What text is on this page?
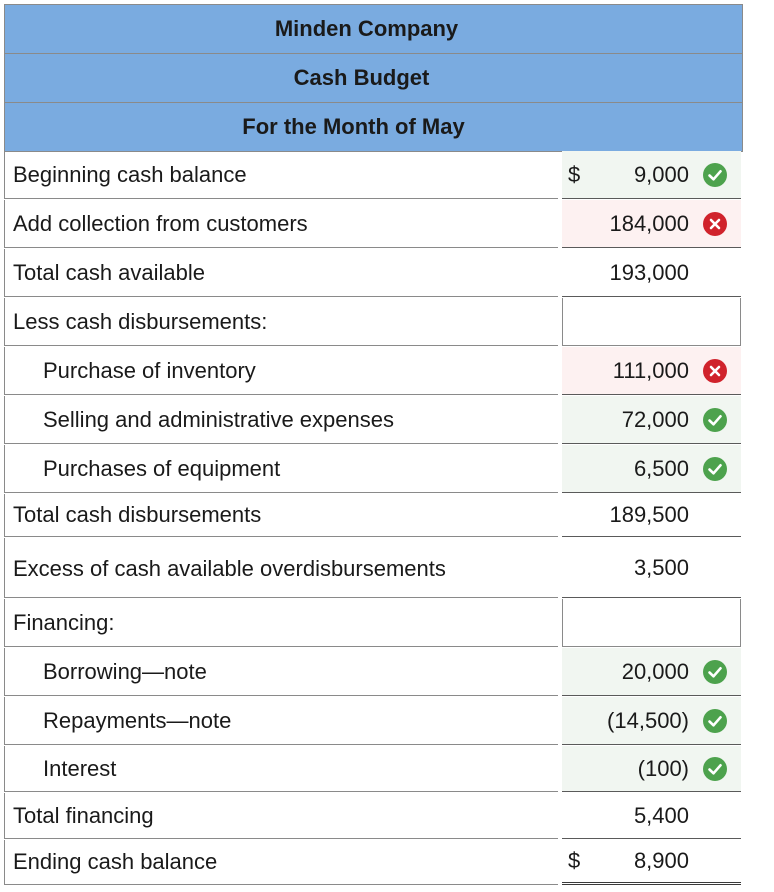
Minden Company
Cash Budget
For the Month of May
Beginning cash balance	$ 9,000
Add collection from customers	184,000
Total cash available	193,000
Less cash disbursements:
Purchase of inventory	111,000
Selling and administrative expenses	72,000
Purchases of equipment	6,500
Total cash disbursements	189,500
Excess of cash available over disbursements	3,500
Financing:
Borrowing—note	20,000
Repayments—note	(14,500)
Interest	(100)
Total financing	5,400
Ending cash balance	$ 8,900
